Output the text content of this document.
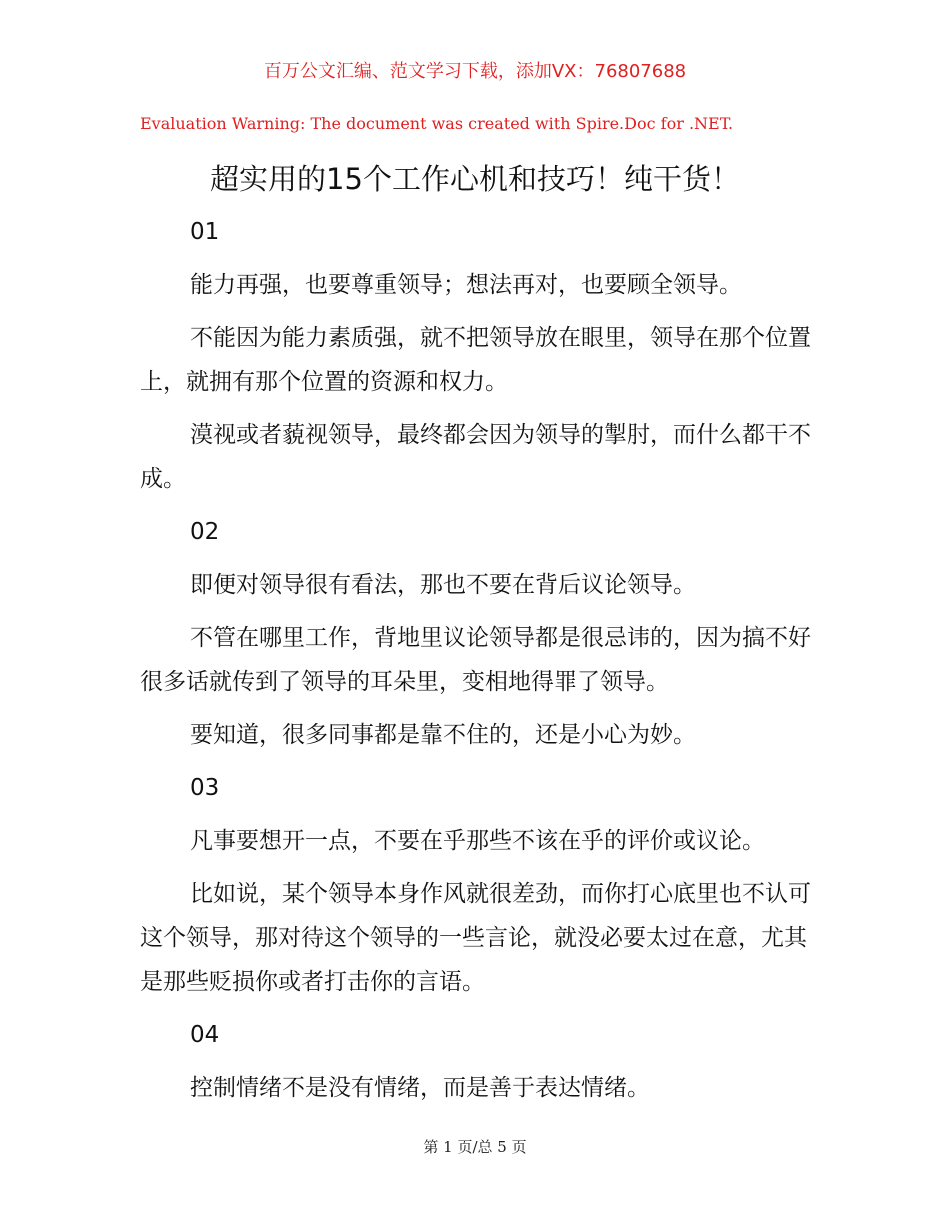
百万公文汇编、范文学习下载，添加VX：76807688
Evaluation Warning: The document was created with Spire.Doc for .NET.
超实用的15个工作心机和技巧！纯干货！

01

能力再强，也要尊重领导；想法再对，也要顾全领导。

不能因为能力素质强，就不把领导放在眼里，领导在那个位置上，就拥有那个位置的资源和权力。

漠视或者藐视领导，最终都会因为领导的掣肘，而什么都干不成。

02

即便对领导很有看法，那也不要在背后议论领导。

不管在哪里工作，背地里议论领导都是很忌讳的，因为搞不好很多话就传到了领导的耳朵里，变相地得罪了领导。

要知道，很多同事都是靠不住的，还是小心为妙。

03

凡事要想开一点，不要在乎那些不该在乎的评价或议论。

比如说，某个领导本身作风就很差劲，而你打心底里也不认可这个领导，那对待这个领导的一些言论，就没必要太过在意，尤其是那些贬损你或者打击你的言语。

04

控制情绪不是没有情绪，而是善于表达情绪。

第 1 页/总 5 页
